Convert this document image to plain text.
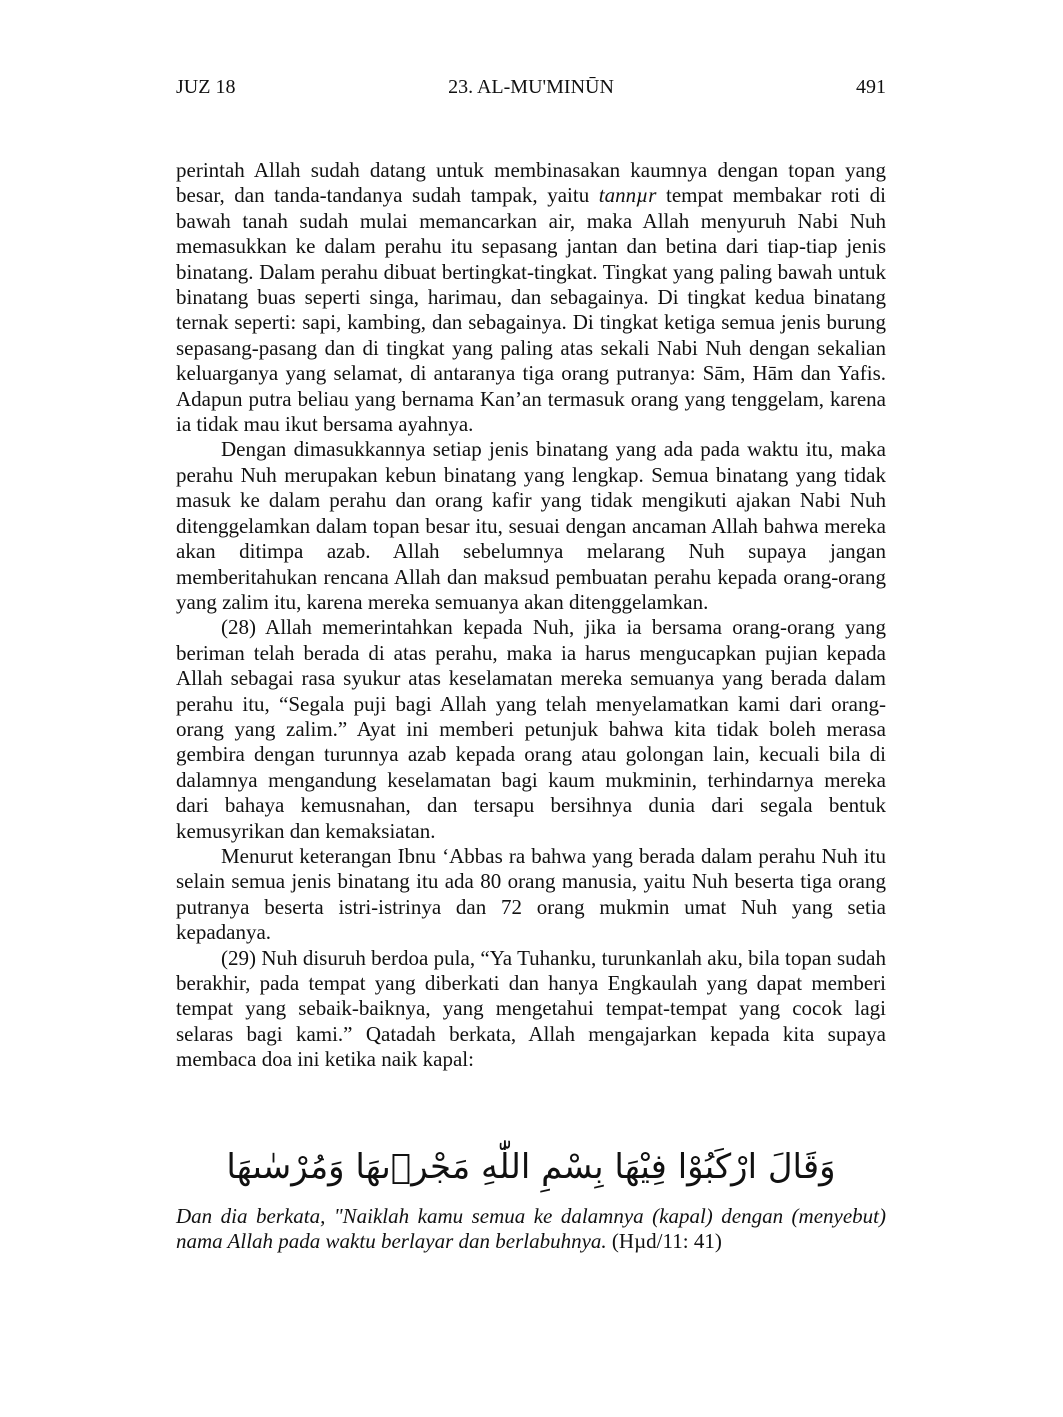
JUZ 18	23. AL-MU'MINŪN	491

perintah Allah sudah datang untuk membinasakan kaumnya dengan topan yang besar, dan tanda-tandanya sudah tampak, yaitu tannµr tempat membakar roti di bawah tanah sudah mulai memancarkan air, maka Allah menyuruh Nabi Nuh memasukkan ke dalam perahu itu sepasang jantan dan betina dari tiap-tiap jenis binatang. Dalam perahu dibuat bertingkat-tingkat. Tingkat yang paling bawah untuk binatang buas seperti singa, harimau, dan sebagainya. Di tingkat kedua binatang ternak seperti: sapi, kambing, dan sebagainya. Di tingkat ketiga semua jenis burung sepasang-pasang dan di tingkat yang paling atas sekali Nabi Nuh dengan sekalian keluarganya yang selamat, di antaranya tiga orang putranya: Sām, Hām dan Yafis. Adapun putra beliau yang bernama Kan’an termasuk orang yang tenggelam, karena ia tidak mau ikut bersama ayahnya.

Dengan dimasukkannya setiap jenis binatang yang ada pada waktu itu, maka perahu Nuh merupakan kebun binatang yang lengkap. Semua binatang yang tidak masuk ke dalam perahu dan orang kafir yang tidak mengikuti ajakan Nabi Nuh ditenggelamkan dalam topan besar itu, sesuai dengan ancaman Allah bahwa mereka akan ditimpa azab. Allah sebelumnya melarang Nuh supaya jangan memberitahukan rencana Allah dan maksud pembuatan perahu kepada orang-orang yang zalim itu, karena mereka semuanya akan ditenggelamkan.

(28) Allah memerintahkan kepada Nuh, jika ia bersama orang-orang yang beriman telah berada di atas perahu, maka ia harus mengucapkan pujian kepada Allah sebagai rasa syukur atas keselamatan mereka semuanya yang berada dalam perahu itu, “Segala puji bagi Allah yang telah menyelamatkan kami dari orang-orang yang zalim.” Ayat ini memberi petunjuk bahwa kita tidak boleh merasa gembira dengan turunnya azab kepada orang atau golongan lain, kecuali bila di dalamnya mengandung keselamatan bagi kaum mukminin, terhindarnya mereka dari bahaya kemusnahan, dan tersapu bersihnya dunia dari segala bentuk kemusyrikan dan kemaksiatan.

Menurut keterangan Ibnu ‘Abbas ra bahwa yang berada dalam perahu Nuh itu selain semua jenis binatang itu ada 80 orang manusia, yaitu Nuh beserta tiga orang putranya beserta istri-istrinya dan 72 orang mukmin umat Nuh yang setia kepadanya.

(29) Nuh disuruh berdoa pula, “Ya Tuhanku, turunkanlah aku, bila topan sudah berakhir, pada tempat yang diberkati dan hanya Engkaulah yang dapat memberi tempat yang sebaik-baiknya, yang mengetahui tempat-tempat yang cocok lagi selaras bagi kami.” Qatadah berkata, Allah mengajarkan kepada kita supaya membaca doa ini ketika naik kapal:

وَقَالَ ارْكَبُوْا فِيْهَا بِسْمِ اللّٰهِ مَجْرٖىهَا وَمُرْسٰىهَا
Dan dia berkata, "Naiklah kamu semua ke dalamnya (kapal) dengan (menyebut) nama Allah pada waktu berlayar dan berlabuhnya. (Hµd/11: 41)
